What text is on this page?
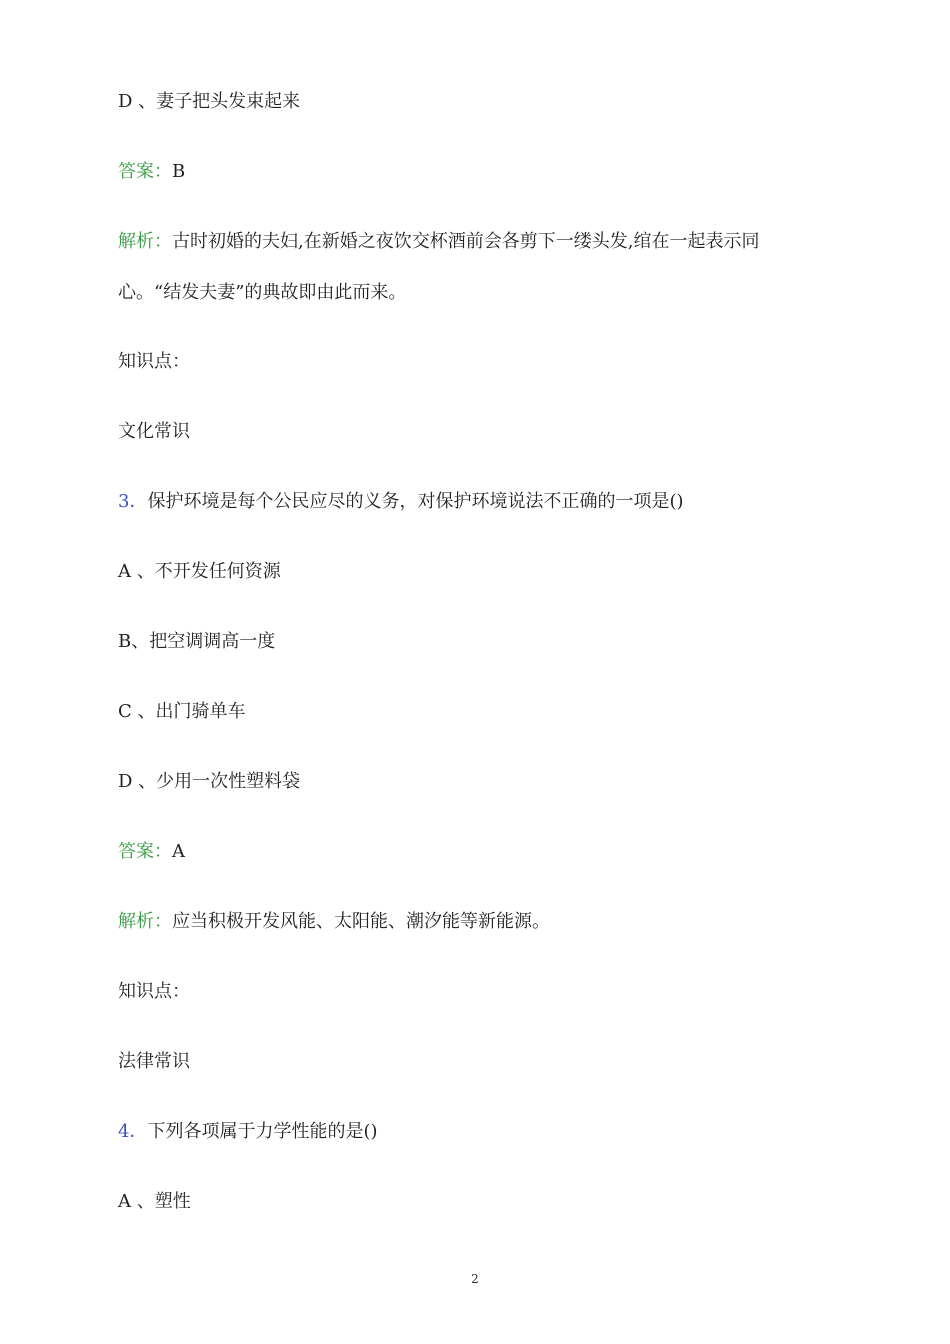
D 、妻子把头发束起来
答案：B
解析：古时初婚的夫妇,在新婚之夜饮交杯酒前会各剪下一缕头发,绾在一起表示同
心。“结发夫妻”的典故即由此而来。
知识点：
文化常识
3．保护环境是每个公民应尽的义务，对保护环境说法不正确的一项是()
A 、不开发任何资源
B、把空调调高一度
C 、出门骑单车
D 、少用一次性塑料袋
答案：A
解析：应当积极开发风能、太阳能、潮汐能等新能源。
知识点：
法律常识
4．下列各项属于力学性能的是()
A 、塑性
2
